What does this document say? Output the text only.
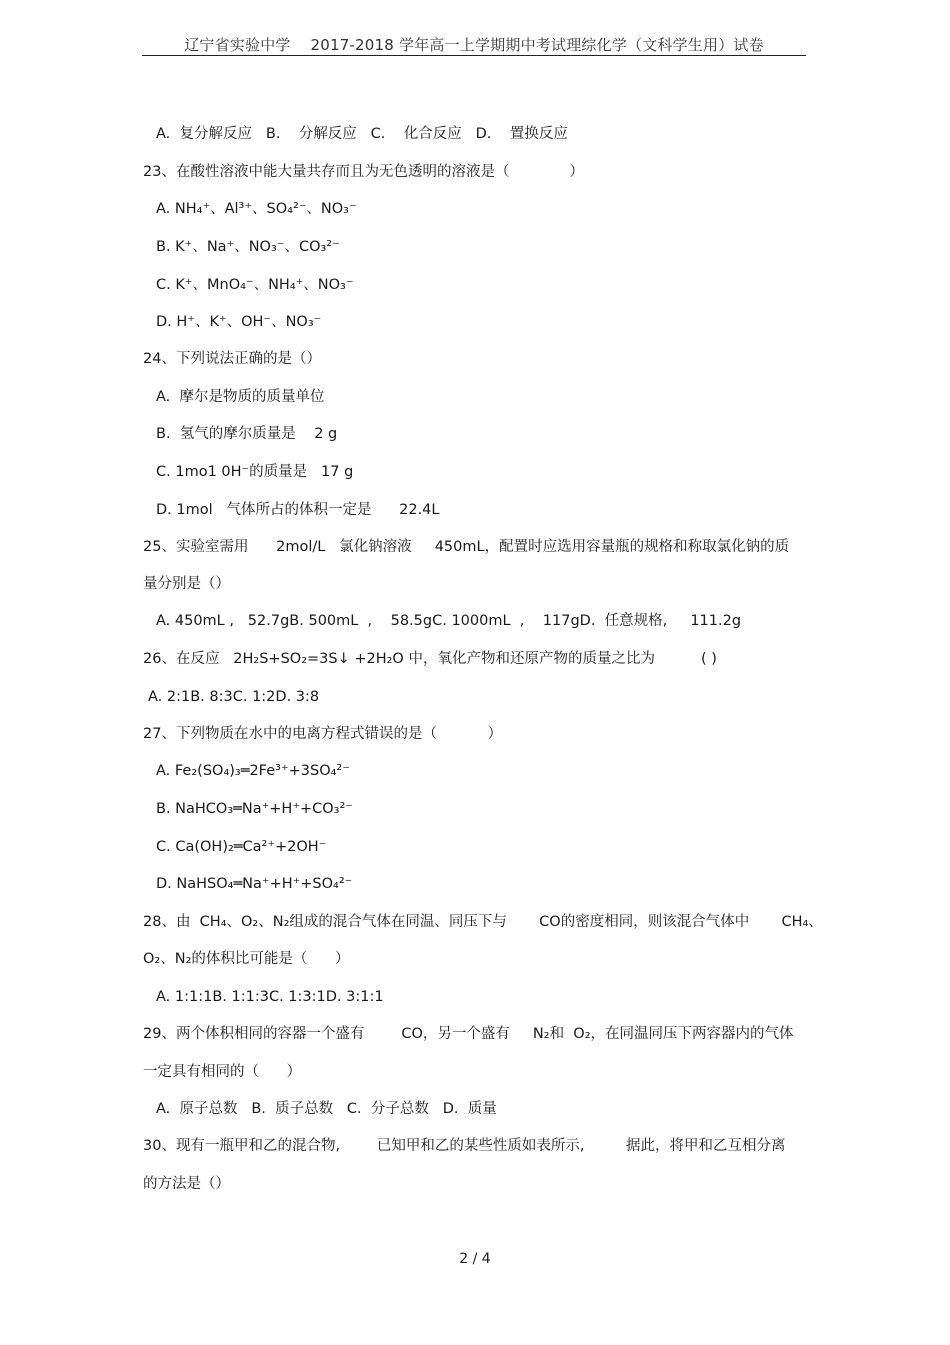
辽宁省实验中学    2017-2018 学年高一上学期期中考试理综化学（文科学生用）试卷
A.  复分解反应   B.    分解反应   C.    化合反应   D.    置换反应
23、在酸性溶液中能大量共存而且为无色透明的溶液是（             ）
A. NH₄⁺、Al³⁺、SO₄²⁻、NO₃⁻
B. K⁺、Na⁺、NO₃⁻、CO₃²⁻
C. K⁺、MnO₄⁻、NH₄⁺、NO₃⁻
D. H⁺、K⁺、OH⁻、NO₃⁻
24、下列说法正确的是（）
A.  摩尔是物质的质量单位
B.  氢气的摩尔质量是    2 g
C. 1mo1 0H⁻的质量是   17 g
D. 1mol   气体所占的体积一定是      22.4L
25、实验室需用      2mol/L   氯化钠溶液     450mL，配置时应选用容量瓶的规格和称取氯化钠的质
量分别是（）
A. 450mL ,   52.7gB. 500mL  ,    58.5gC. 1000mL  ,    117gD.  任意规格,     111.2g
26、在反应   2H₂S+SO₂=3S↓ +2H₂O 中，氧化产物和还原产物的质量之比为          ( )
A. 2:1B. 8:3C. 1:2D. 3:8
27、下列物质在水中的电离方程式错误的是（           ）
A. Fe₂(SO₄)₃═2Fe³⁺+3SO₄²⁻
B. NaHCO₃═Na⁺+H⁺+CO₃²⁻
C. Ca(OH)₂═Ca²⁺+2OH⁻
D. NaHSO₄═Na⁺+H⁺+SO₄²⁻
28、由  CH₄、O₂、N₂组成的混合气体在同温、同压下与       CO的密度相同，则该混合气体中       CH₄、
O₂、N₂的体积比可能是（      ）
A. 1:1:1B. 1:1:3C. 1:3:1D. 3:1:1
29、两个体积相同的容器一个盛有        CO，另一个盛有     N₂和  O₂，在同温同压下两容器内的气体
一定具有相同的（      ）
A.  原子总数   B.  质子总数   C.  分子总数   D.  质量
30、现有一瓶甲和乙的混合物,        已知甲和乙的某些性质如表所示,         据此，将甲和乙互相分离
的方法是（）
2 / 4
